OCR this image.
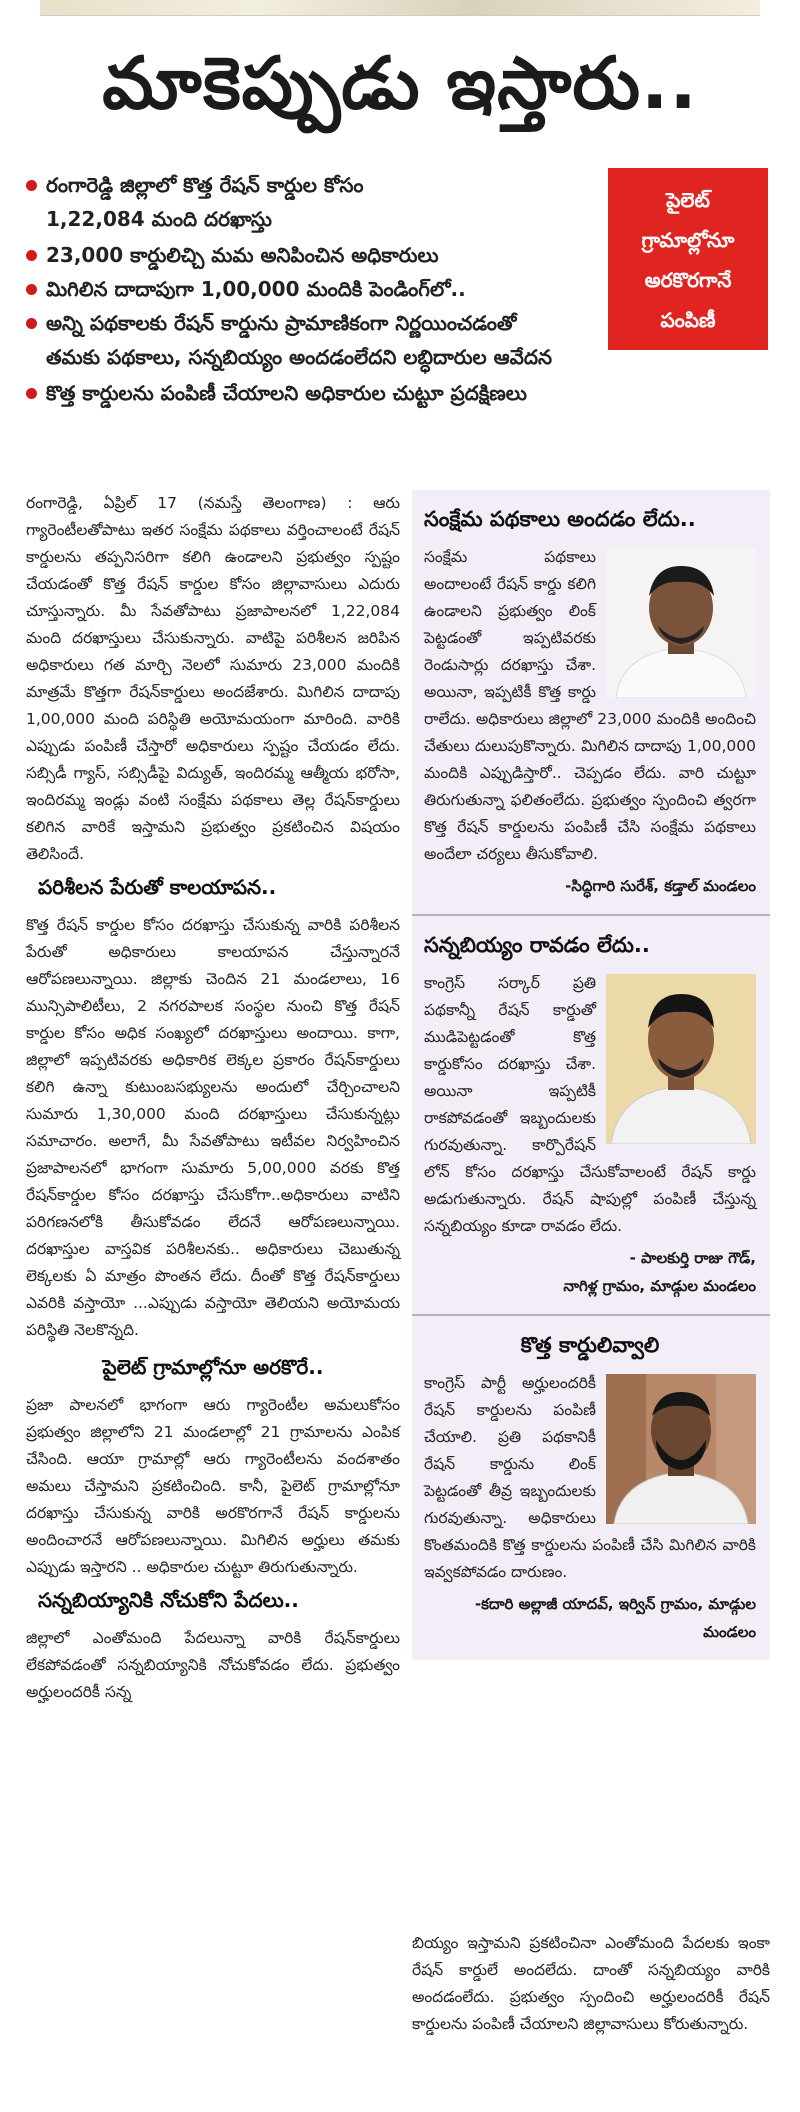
మాకెప్పుడు ఇస్తారు..
రంగారెడ్డి జిల్లాలో కొత్త రేషన్ కార్డుల కోసం
1,22,084 మంది దరఖాస్తు
23,000 కార్డులిచ్చి మమ అనిపించిన అధికారులు
మిగిలిన దాదాపుగా 1,00,000 మందికి పెండింగ్‌లో..
అన్ని పథకాలకు రేషన్ కార్డును ప్రామాణికంగా నిర్ణయించడంతో
తమకు పథకాలు, సన్నబియ్యం అందడంలేదని లబ్ధిదారుల ఆవేదన
కొత్త కార్డులను పంపిణీ చేయాలని అధికారుల చుట్టూ ప్రదక్షిణలు
పైలెట్
గ్రామాల్లోనూ
అరకొరగానే
పంపిణీ

రంగారెడ్డి, ఏప్రిల్ 17 (నమస్తే తెలంగాణ) : ఆరు గ్యారెంటీలతోపాటు ఇతర సంక్షేమ పథకాలు వర్తించాలంటే రేషన్ కార్డులను తప్పనిసరిగా కలిగి ఉండాలని ప్రభుత్వం స్పష్టం చేయడంతో కొత్త రేషన్ కార్డుల కోసం జిల్లావాసులు ఎదురు చూస్తున్నారు. మీ సేవతోపాటు ప్రజాపాలనలో 1,22,084 మంది దరఖాస్తులు చేసుకున్నారు. వాటిపై పరిశీలన జరిపిన అధికారులు గత మార్చి నెలలో సుమారు 23,000 మందికి మాత్రమే కొత్తగా రేషన్‌కార్డులు అందజేశారు. మిగిలిన దాదాపు 1,00,000 మంది పరిస్థితి అయోమయంగా మారింది. వారికి ఎప్పుడు పంపిణీ చేస్తారో అధికారులు స్పష్టం చేయడం లేదు. సబ్సిడీ గ్యాస్, సబ్సిడీపై విద్యుత్, ఇందిరమ్మ ఆత్మీయ భరోసా, ఇందిరమ్మ ఇండ్లు వంటి సంక్షేమ పథకాలు తెల్ల రేషన్‌కార్డులు కలిగిన వారికే ఇస్తామని ప్రభుత్వం ప్రకటించిన విషయం తెలిసిందే.

పరిశీలన పేరుతో కాలయాపన..

కొత్త రేషన్ కార్డుల కోసం దరఖాస్తు చేసుకున్న వారికి పరిశీలన పేరుతో అధికారులు కాలయాపన చేస్తున్నారనే ఆరోపణలున్నాయి. జిల్లాకు చెందిన 21 మండలాలు, 16 మున్సిపాలిటీలు, 2 నగరపాలక సంస్థల నుంచి కొత్త రేషన్ కార్డుల కోసం అధిక సంఖ్యలో దరఖాస్తులు అందాయి. కాగా, జిల్లాలో ఇప్పటివరకు అధికారిక లెక్కల ప్రకారం రేషన్‌కార్డులు కలిగి ఉన్నా కుటుంబసభ్యులను అందులో చేర్చించాలని సుమారు 1,30,000 మంది దరఖాస్తులు చేసుకున్నట్లు సమాచారం. అలాగే, మీ సేవతోపాటు ఇటీవల నిర్వహించిన ప్రజాపాలనలో భాగంగా సుమారు 5,00,000 వరకు కొత్త రేషన్‌కార్డుల కోసం దరఖాస్తు చేసుకోగా..అధికారులు వాటిని పరిగణనలోకి తీసుకోవడం లేదనే ఆరోపణలున్నాయి. దరఖాస్తుల వాస్తవిక పరిశీలనకు.. అధికారులు చెబుతున్న లెక్కలకు ఏ మాత్రం పొంతన లేదు. దీంతో కొత్త రేషన్‌కార్డులు ఎవరికి వస్తాయో ...ఎప్పుడు వస్తాయో తెలియని అయోమయ పరిస్థితి నెలకొన్నది.

పైలెట్ గ్రామాల్లోనూ అరకొరే..

ప్రజా పాలనలో భాగంగా ఆరు గ్యారెంటీల అమలుకోసం ప్రభుత్వం జిల్లాలోని 21 మండలాల్లో 21 గ్రామాలను ఎంపిక చేసింది. ఆయా గ్రామాల్లో ఆరు గ్యారెంటీలను వందశాతం అమలు చేస్తామని ప్రకటించింది. కానీ, పైలెట్ గ్రామాల్లోనూ దరఖాస్తు చేసుకున్న వారికి అరకొరగానే రేషన్ కార్డులను అందించారనే ఆరోపణలున్నాయి. మిగిలిన అర్హులు తమకు ఎప్పుడు ఇస్తారని .. అధికారుల చుట్టూ తిరుగుతున్నారు.

సన్నబియ్యానికి నోచుకోని పేదలు..

జిల్లాలో ఎంతోమంది పేదలున్నా వారికి రేషన్‌కార్డులు లేకపోవడంతో సన్నబియ్యానికి నోచుకోవడం లేదు. ప్రభుత్వం అర్హులందరికీ సన్న

సంక్షేమ పథకాలు అందడం లేదు..

సంక్షేమ పథకాలు అందాలంటే రేషన్ కార్డు కలిగి ఉండాలని ప్రభుత్వం లింక్ పెట్టడంతో ఇప్పటివరకు రెండుసార్లు దరఖాస్తు చేశా. అయినా, ఇప్పటికీ కొత్త కార్డు రాలేదు. అధికారులు జిల్లాలో 23,000 మందికి అందించి చేతులు దులుపుకొన్నారు. మిగిలిన దాదాపు 1,00,000 మందికి ఎప్పుడిస్తారో.. చెప్పడం లేదు. వారి చుట్టూ తిరుగుతున్నా ఫలితంలేదు. ప్రభుత్వం స్పందించి త్వరగా కొత్త రేషన్ కార్డులను పంపిణీ చేసి సంక్షేమ పథకాలు అందేలా చర్యలు తీసుకోవాలి.

-సిద్ధిగారి సురేశ్, కడ్తాల్ మండలం
సన్నబియ్యం రావడం లేదు..

కాంగ్రెస్ సర్కార్ ప్రతి పథకాన్నీ రేషన్ కార్డుతో ముడిపెట్టడంతో కొత్త కార్డుకోసం దరఖాస్తు చేశా. అయినా ఇప్పటికీ రాకపోవడంతో ఇబ్బందులకు గురవుతున్నా. కార్పొరేషన్ లోన్ కోసం దరఖాస్తు చేసుకోవాలంటే రేషన్ కార్డు అడుగుతున్నారు. రేషన్ షాపుల్లో పంపిణీ చేస్తున్న సన్నబియ్యం కూడా రావడం లేదు.

- పాలకుర్తి రాజు గౌడ్,
నాగిళ్ల గ్రామం, మాడ్గుల మండలం
కొత్త కార్డులివ్వాలి

కాంగ్రెస్ పార్టీ అర్హులందరికీ రేషన్ కార్డులను పంపిణీ చేయాలి. ప్రతి పథకానికీ రేషన్ కార్డును లింక్ పెట్టడంతో తీవ్ర ఇబ్బందులకు గురవుతున్నా. అధికారులు కొంతమందికి కొత్త కార్డులను పంపిణీ చేసి మిగిలిన వారికి ఇవ్వకపోవడం దారుణం.

-కదారి అల్లాజీ యాదవ్, ఇర్విన్ గ్రామం, మాడ్గుల మండలం

బియ్యం ఇస్తామని ప్రకటించినా ఎంతోమంది పేదలకు ఇంకా రేషన్ కార్డులే అందలేదు. దాంతో సన్నబియ్యం వారికి అందడంలేదు. ప్రభుత్వం స్పందించి అర్హులందరికీ రేషన్ కార్డులను పంపిణీ చేయాలని జిల్లావాసులు కోరుతున్నారు.
